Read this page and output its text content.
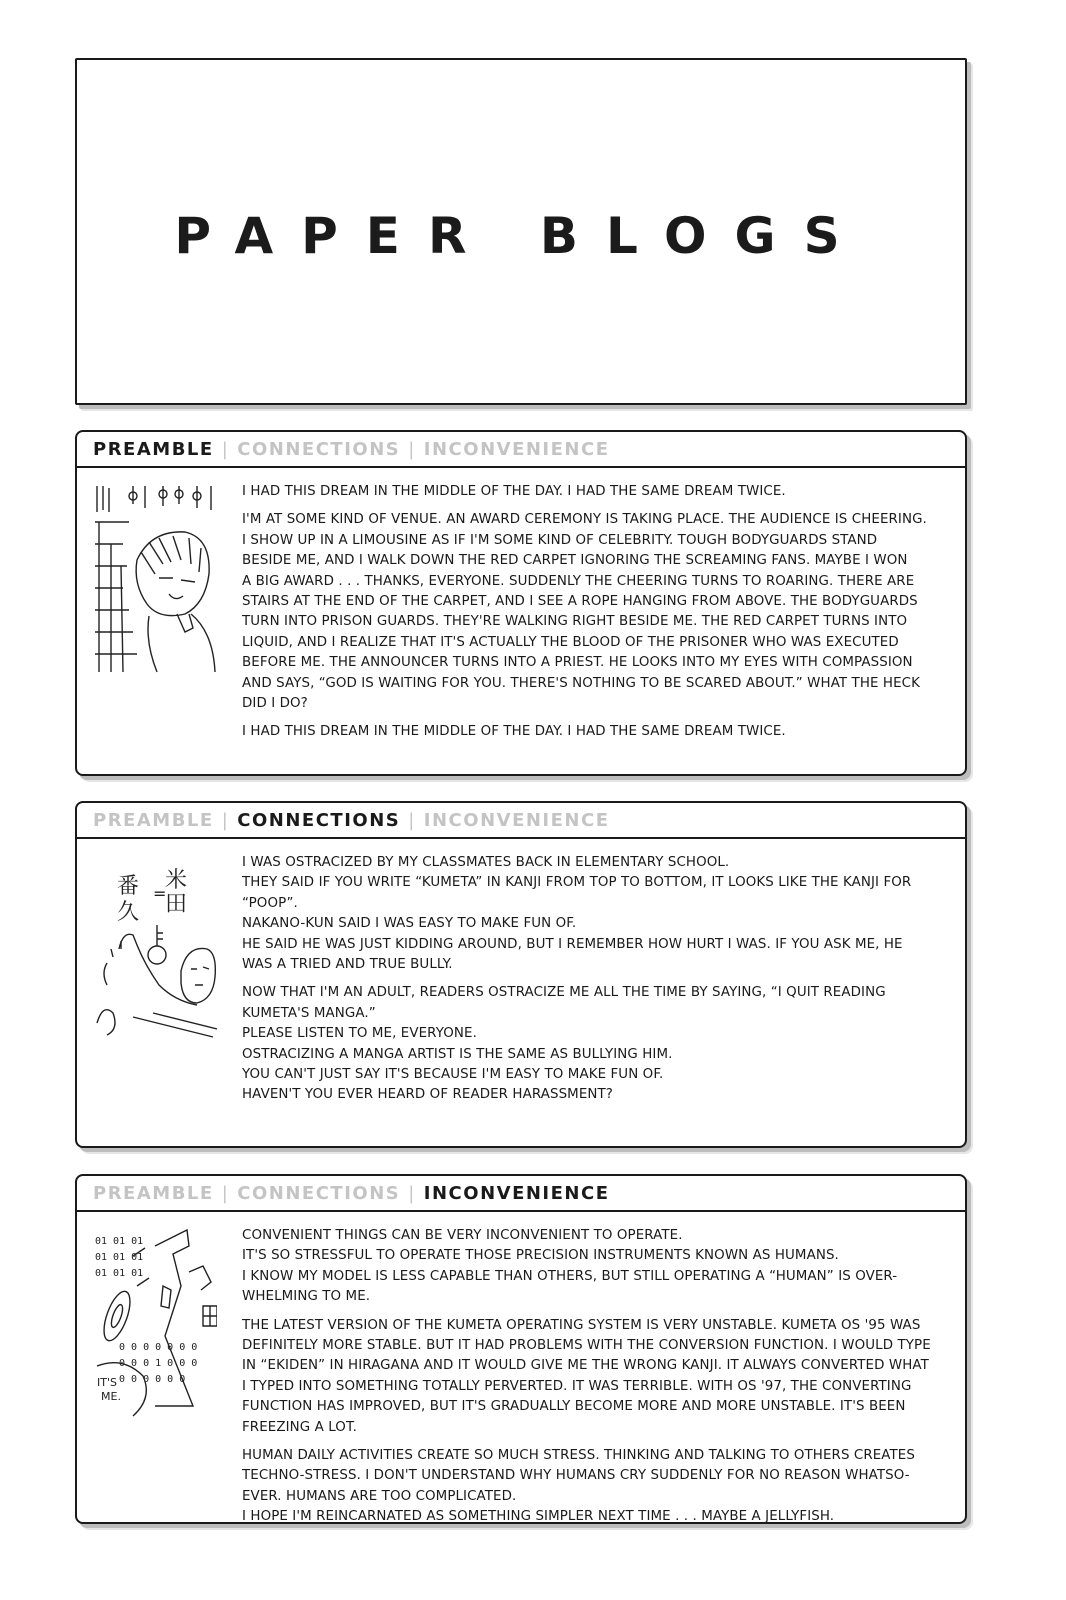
PAPER BLOGS
PREAMBLE | CONNECTIONS | INCONVENIENCE

I HAD THIS DREAM IN THE MIDDLE OF THE DAY. I HAD THE SAME DREAM TWICE.

I'M AT SOME KIND OF VENUE. AN AWARD CEREMONY IS TAKING PLACE. THE AUDIENCE IS CHEERING.
I SHOW UP IN A LIMOUSINE AS IF I'M SOME KIND OF CELEBRITY. TOUGH BODYGUARDS STAND
BESIDE ME, AND I WALK DOWN THE RED CARPET IGNORING THE SCREAMING FANS. MAYBE I WON
A BIG AWARD . . . THANKS, EVERYONE. SUDDENLY THE CHEERING TURNS TO ROARING. THERE ARE
STAIRS AT THE END OF THE CARPET, AND I SEE A ROPE HANGING FROM ABOVE. THE BODYGUARDS
TURN INTO PRISON GUARDS. THEY'RE WALKING RIGHT BESIDE ME. THE RED CARPET TURNS INTO
LIQUID, AND I REALIZE THAT IT'S ACTUALLY THE BLOOD OF THE PRISONER WHO WAS EXECUTED
BEFORE ME. THE ANNOUNCER TURNS INTO A PRIEST. HE LOOKS INTO MY EYES WITH COMPASSION
AND SAYS, “GOD IS WAITING FOR YOU. THERE'S NOTHING TO BE SCARED ABOUT.” WHAT THE HECK
DID I DO?

I HAD THIS DREAM IN THE MIDDLE OF THE DAY. I HAD THE SAME DREAM TWICE.

PREAMBLE | CONNECTIONS | INCONVENIENCE
番
久
米
田
=

I WAS OSTRACIZED BY MY CLASSMATES BACK IN ELEMENTARY SCHOOL.
THEY SAID IF YOU WRITE “KUMETA” IN KANJI FROM TOP TO BOTTOM, IT LOOKS LIKE THE KANJI FOR
“POOP”.
NAKANO-KUN SAID I WAS EASY TO MAKE FUN OF.
HE SAID HE WAS JUST KIDDING AROUND, BUT I REMEMBER HOW HURT I WAS. IF YOU ASK ME, HE
WAS A TRIED AND TRUE BULLY.

NOW THAT I'M AN ADULT, READERS OSTRACIZE ME ALL THE TIME BY SAYING, “I QUIT READING
KUMETA'S MANGA.”
PLEASE LISTEN TO ME, EVERYONE.
OSTRACIZING A MANGA ARTIST IS THE SAME AS BULLYING HIM.
YOU CAN'T JUST SAY IT'S BECAUSE I'M EASY TO MAKE FUN OF.
HAVEN'T YOU EVER HEARD OF READER HARASSMENT?

PREAMBLE | CONNECTIONS | INCONVENIENCE
01 01 01
01 01 01
01 01 01
0 0 0 0 0 0 0
0 0 0 1 0 0 0
0 0 0 0 0 0
IT'S
ME.

CONVENIENT THINGS CAN BE VERY INCONVENIENT TO OPERATE.
IT'S SO STRESSFUL TO OPERATE THOSE PRECISION INSTRUMENTS KNOWN AS HUMANS.
I KNOW MY MODEL IS LESS CAPABLE THAN OTHERS, BUT STILL OPERATING A “HUMAN” IS OVER-
WHELMING TO ME.

THE LATEST VERSION OF THE KUMETA OPERATING SYSTEM IS VERY UNSTABLE. KUMETA OS '95 WAS
DEFINITELY MORE STABLE. BUT IT HAD PROBLEMS WITH THE CONVERSION FUNCTION. I WOULD TYPE
IN “EKIDEN” IN HIRAGANA AND IT WOULD GIVE ME THE WRONG KANJI. IT ALWAYS CONVERTED WHAT
I TYPED INTO SOMETHING TOTALLY PERVERTED. IT WAS TERRIBLE. WITH OS '97, THE CONVERTING
FUNCTION HAS IMPROVED, BUT IT'S GRADUALLY BECOME MORE AND MORE UNSTABLE. IT'S BEEN
FREEZING A LOT.

HUMAN DAILY ACTIVITIES CREATE SO MUCH STRESS. THINKING AND TALKING TO OTHERS CREATES
TECHNO-STRESS. I DON'T UNDERSTAND WHY HUMANS CRY SUDDENLY FOR NO REASON WHATSO-
EVER. HUMANS ARE TOO COMPLICATED.
I HOPE I'M REINCARNATED AS SOMETHING SIMPLER NEXT TIME . . . MAYBE A JELLYFISH.
